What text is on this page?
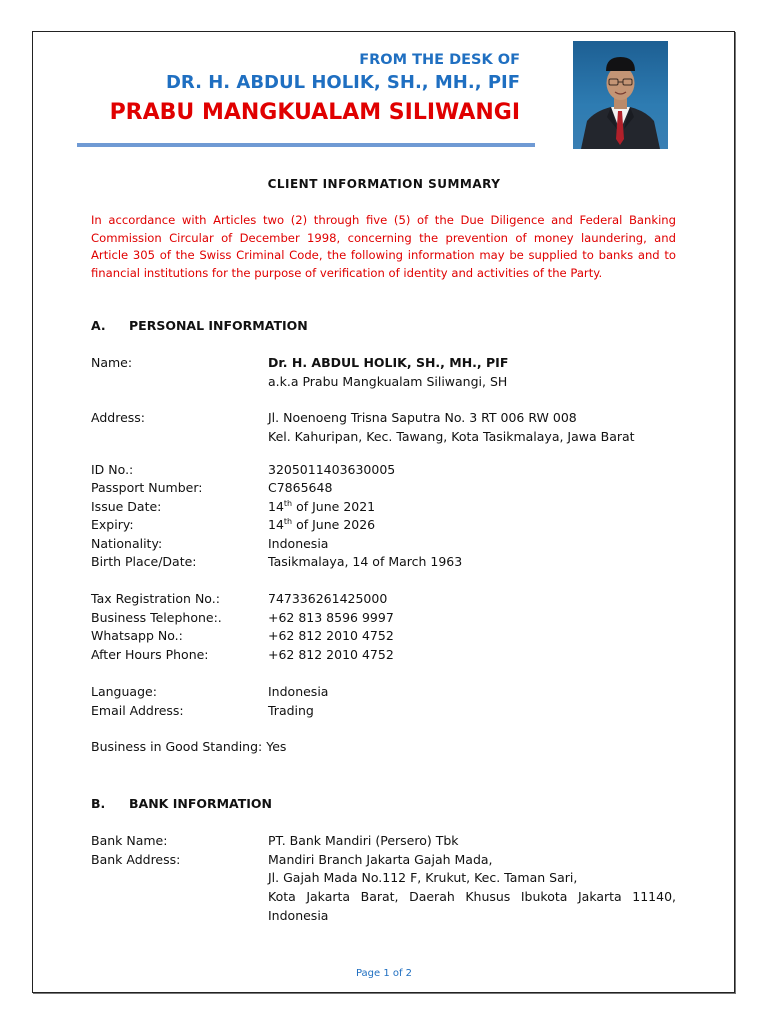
FROM THE DESK OF
DR. H. ABDUL HOLIK, SH., MH., PIF
PRABU MANGKUALAM SILIWANGI
CLIENT INFORMATION SUMMARY
In accordance with Articles two (2) through five (5) of the Due Diligence and Federal Banking Commission Circular of December 1998, concerning the prevention of money laundering, and Article 305 of the Swiss Criminal Code, the following information may be supplied to banks and to financial institutions for the purpose of verification of identity and activities of the Party.
A. PERSONAL INFORMATION
Name:	Dr. H. ABDUL HOLIK, SH., MH., PIF
a.k.a Prabu Mangkualam Siliwangi, SH
Address:	Jl. Noenoeng Trisna Saputra No. 3 RT 006 RW 008
Kel. Kahuripan, Kec. Tawang, Kota Tasikmalaya, Jawa Barat
ID No.:	3205011403630005
Passport Number:	C7865648
Issue Date:	14th of June 2021
Expiry:	14th of June 2026
Nationality:	Indonesia
Birth Place/Date:	Tasikmalaya, 14 of March 1963
Tax Registration No.:	747336261425000
Business Telephone:.	+62 813 8596 9997
Whatsapp No.:	+62 812 2010 4752
After Hours Phone:	+62 812 2010 4752
Language:	Indonesia
Email Address:	Trading
Business in Good Standing: Yes
B. BANK INFORMATION
Bank Name:	PT. Bank Mandiri (Persero) Tbk
Bank Address:	Mandiri Branch Jakarta Gajah Mada,
Jl. Gajah Mada No.112 F, Krukut, Kec. Taman Sari,
Kota Jakarta Barat, Daerah Khusus Ibukota Jakarta 11140, Indonesia
Page 1 of 2
